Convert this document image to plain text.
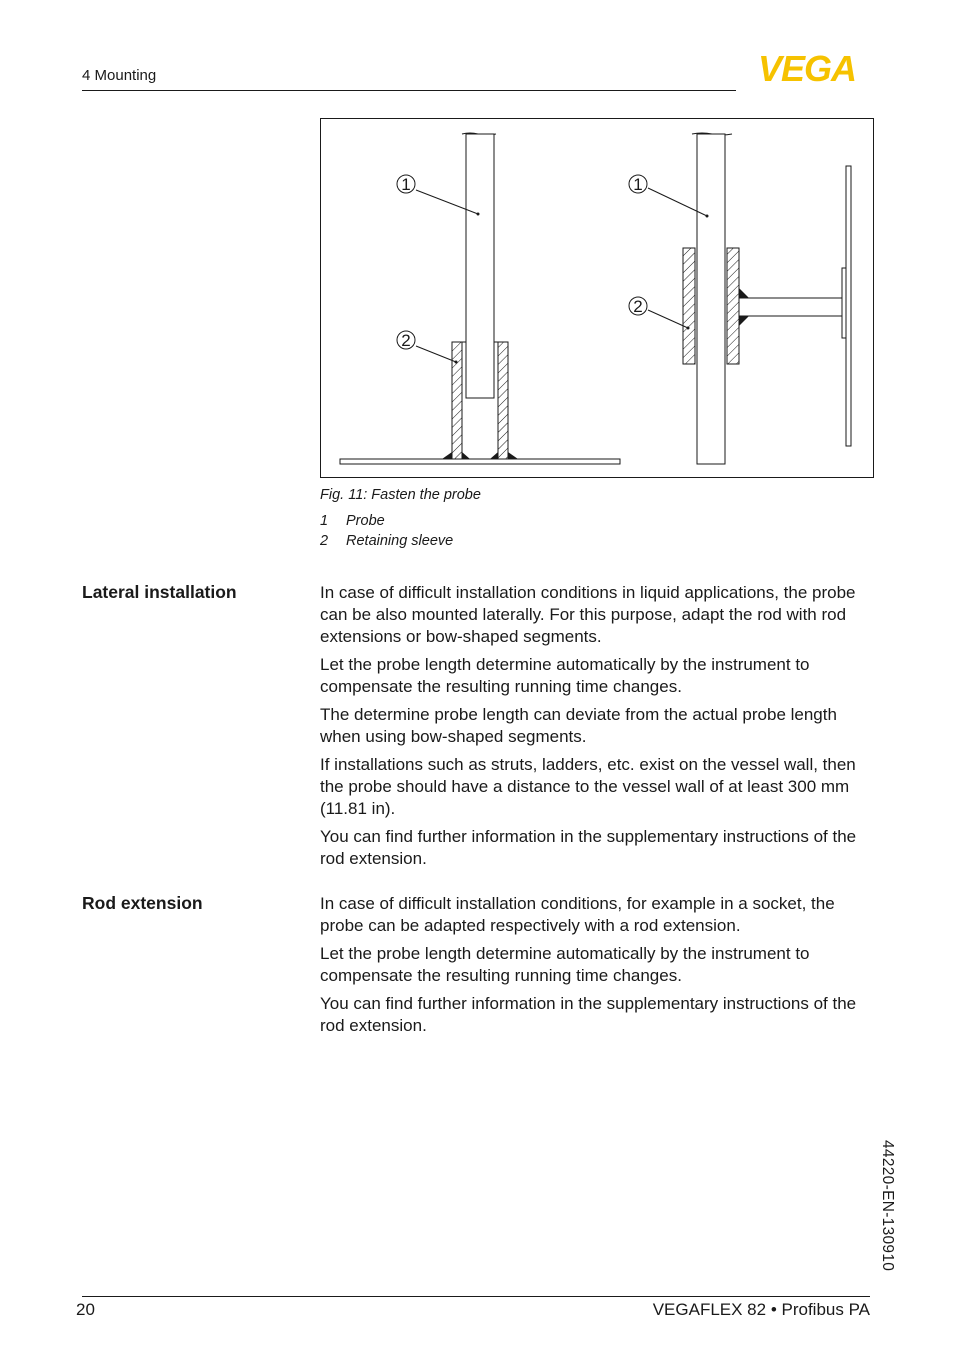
4 Mounting	VEGA
1
2
1
2
Fig. 11: Fasten the probe
1 Probe
2 Retaining sleeve
Lateral installation	In case of difficult installation conditions in liquid applications, the probe can be also mounted laterally. For this purpose, adapt the rod with rod extensions or bow-shaped segments.

Let the probe length determine automatically by the instrument to compensate the resulting running time changes.

The determine probe length can deviate from the actual probe length when using bow-shaped segments.

If installations such as struts, ladders, etc. exist on the vessel wall, then the probe should have a distance to the vessel wall of at least 300 mm (11.81 in).

You can find further information in the supplementary instructions of the rod extension.

Rod extension	In case of difficult installation conditions, for example in a socket, the probe can be adapted respectively with a rod extension.

Let the probe length determine automatically by the instrument to compensate the resulting running time changes.

You can find further information in the supplementary instructions of the rod extension.

44220-EN-130910
20	VEGAFLEX 82 • Profibus PA
